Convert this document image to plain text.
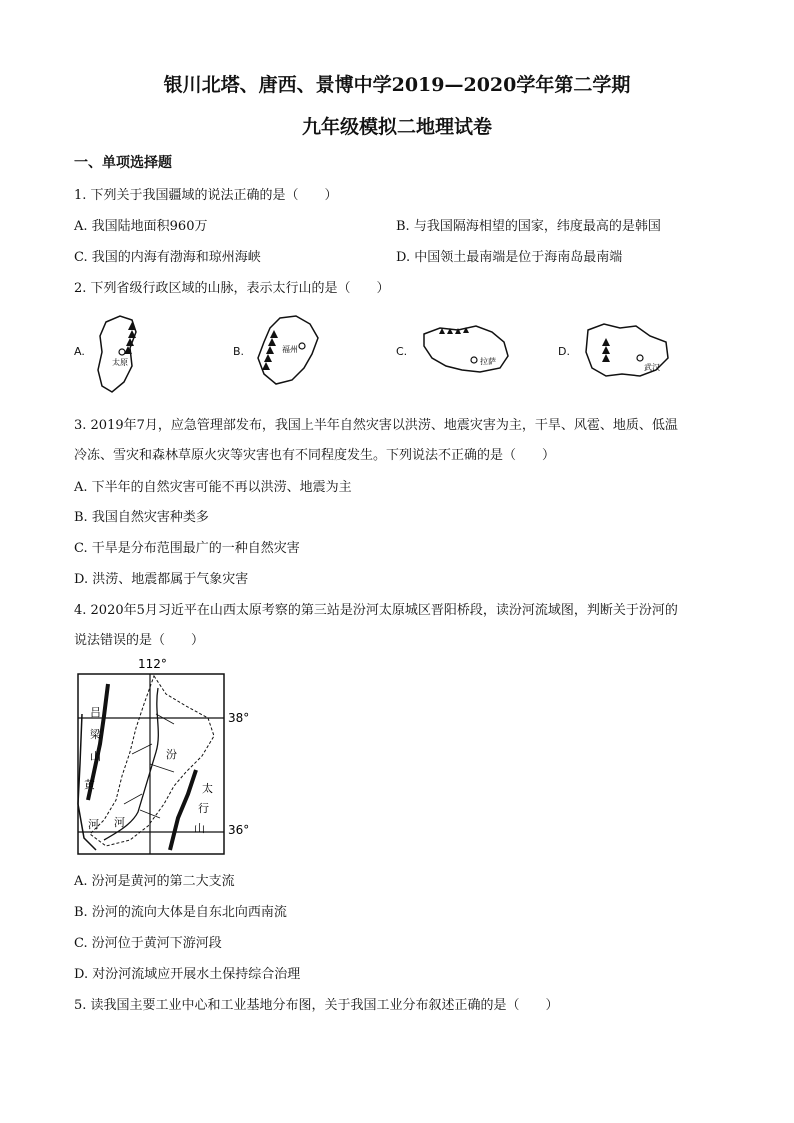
银川北塔、唐西、景博中学2019—2020学年第二学期
九年级模拟二地理试卷
一、单项选择题
1. 下列关于我国疆域的说法正确的是（　　）
A. 我国陆地面积960万	B. 与我国隔海相望的国家，纬度最高的是韩国
C. 我国的内海有渤海和琼州海峡	D. 中国领土最南端是位于海南岛最南端
2. 下列省级行政区域的山脉，表示太行山的是（　　）
A.
太原
B.	福州	C.
拉萨
D.
武汉
3. 2019年7月，应急管理部发布，我国上半年自然灾害以洪涝、地震灾害为主，干旱、风雹、地质、低温
冷冻、雪灾和森林草原火灾等灾害也有不同程度发生。下列说法不正确的是（　　）
A. 下半年的自然灾害可能不再以洪涝、地震为主
B. 我国自然灾害种类多
C. 干旱是分布范围最广的一种自然灾害
D. 洪涝、地震都属于气象灾害
4. 2020年5月习近平在山西太原考察的第三站是汾河太原城区晋阳桥段，读汾河流域图，判断关于汾河的
说法错误的是（　　）
112°
38°
36°
吕
梁
山
黄
河
汾
河
太
行
山
A. 汾河是黄河的第二大支流
B. 汾河的流向大体是自东北向西南流
C. 汾河位于黄河下游河段
D. 对汾河流域应开展水土保持综合治理
5. 读我国主要工业中心和工业基地分布图，关于我国工业分布叙述正确的是（　　）
